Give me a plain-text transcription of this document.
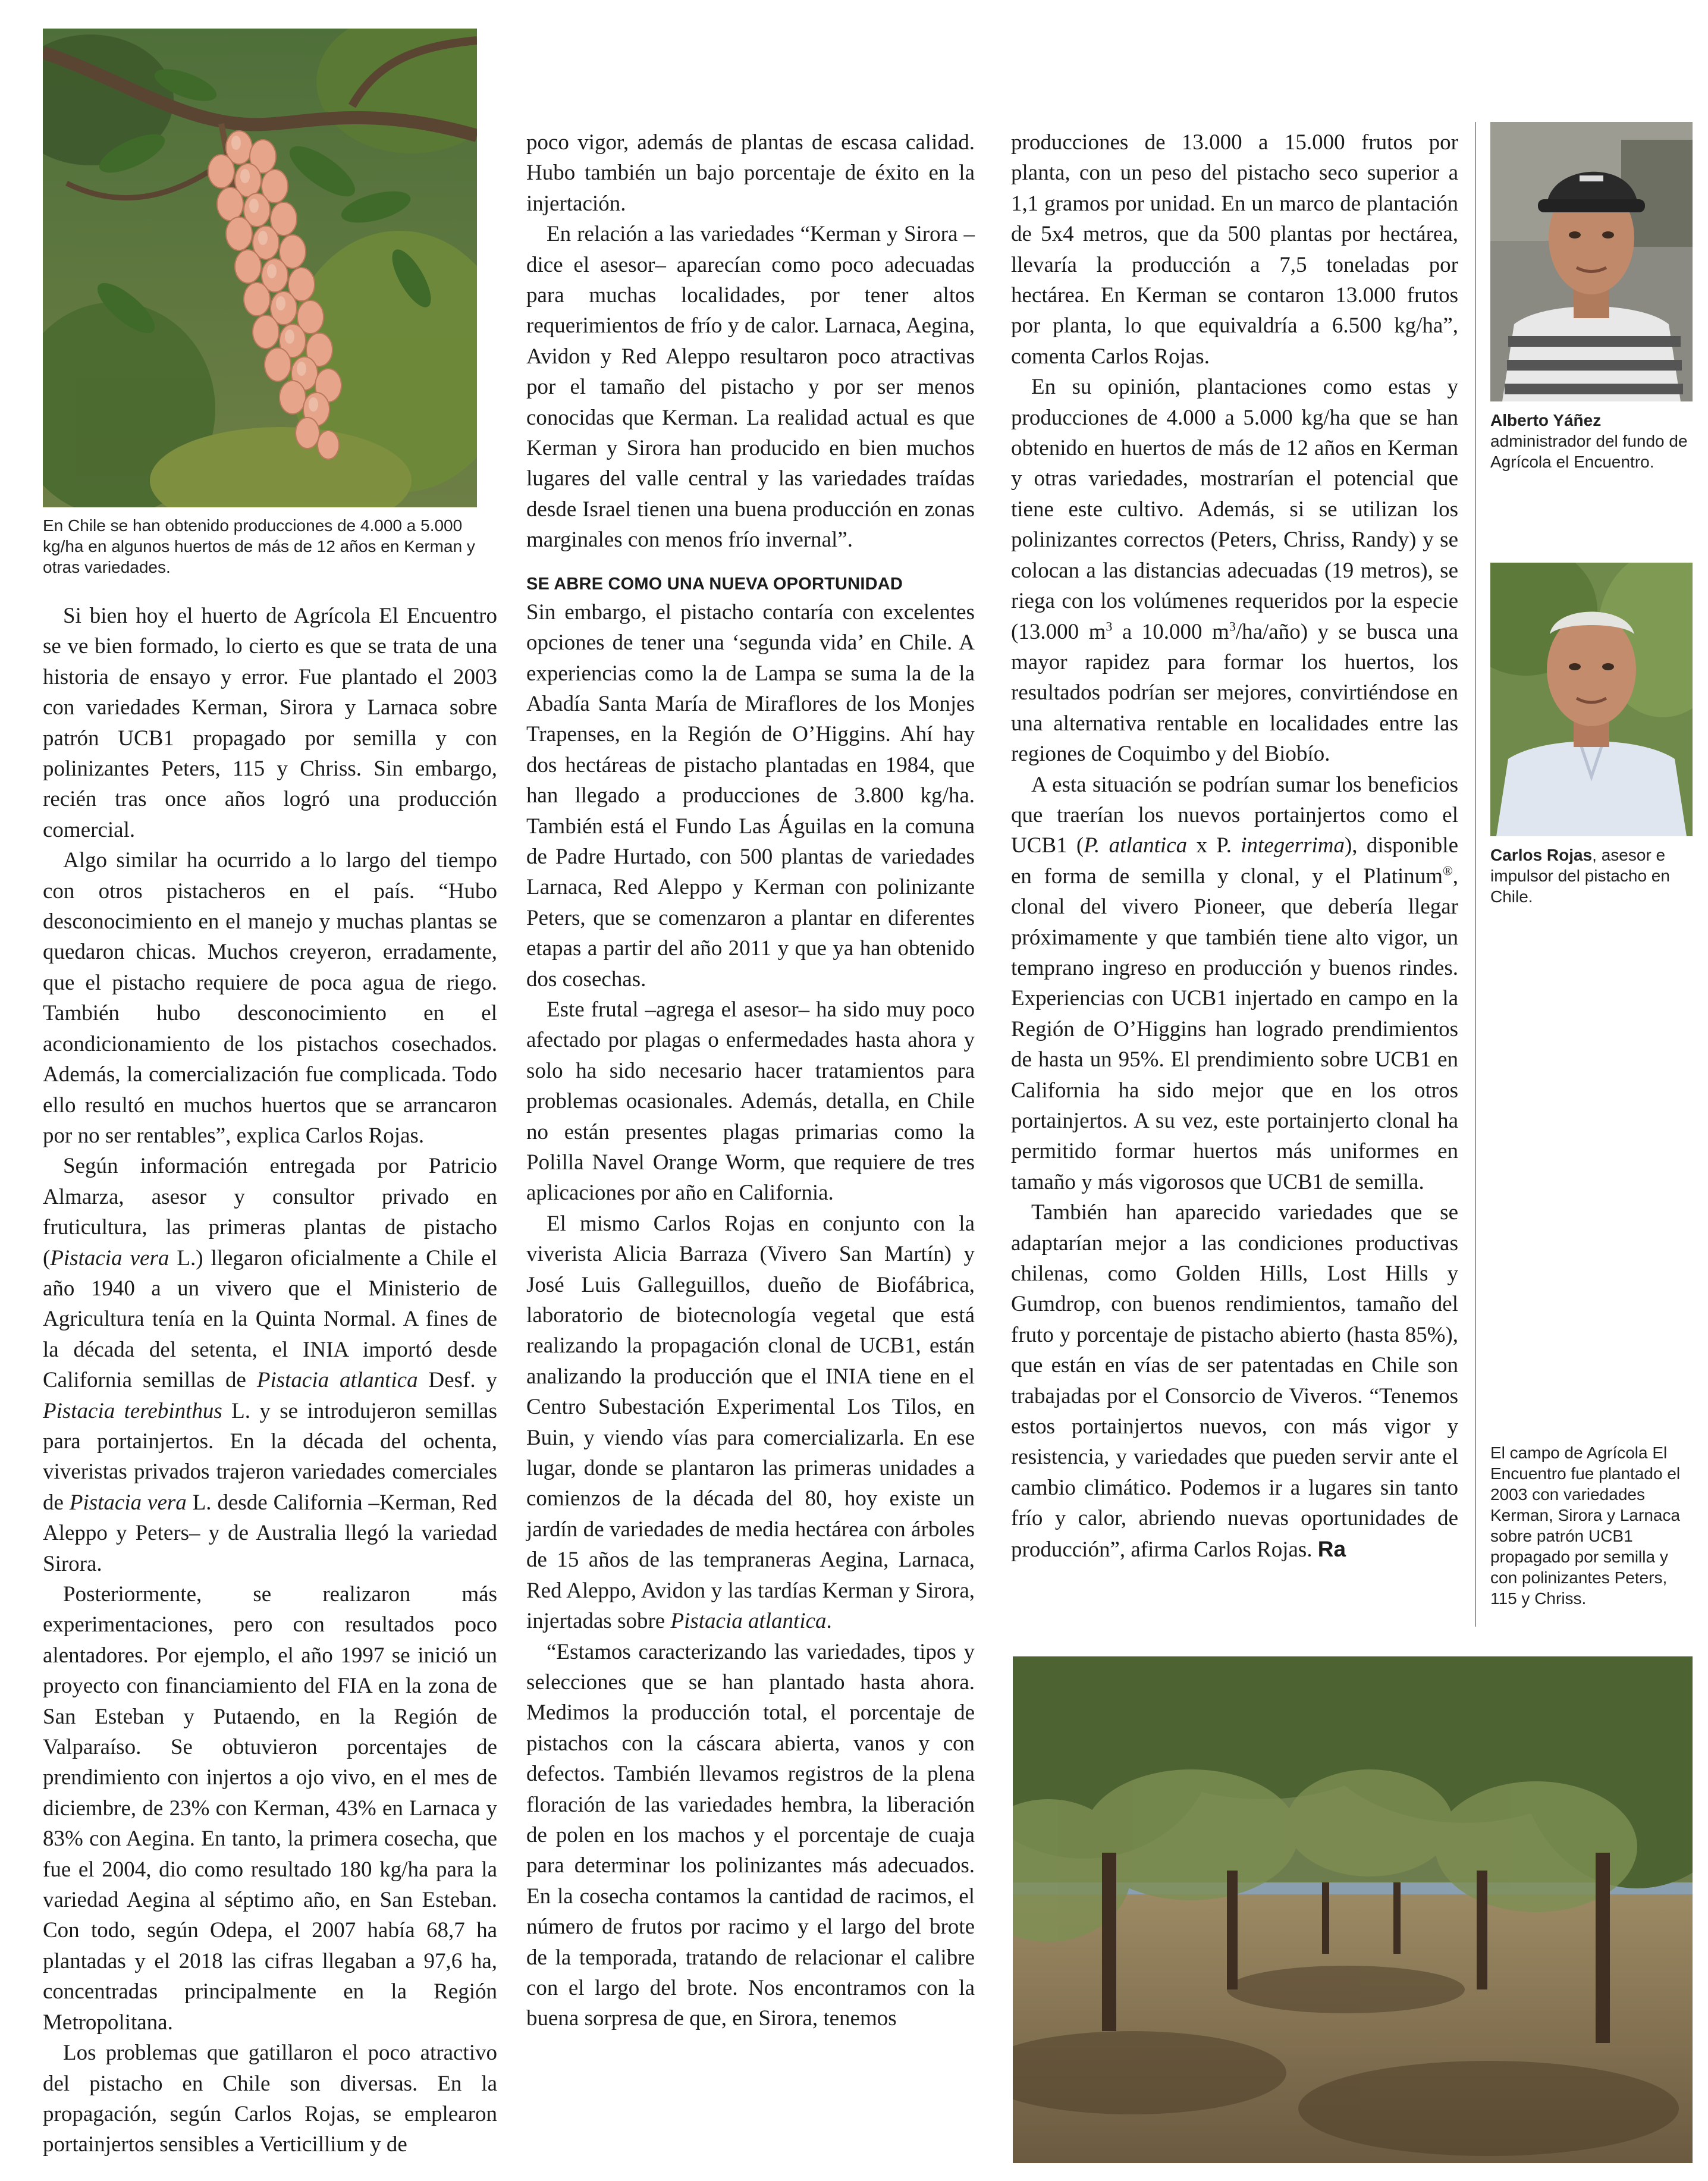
En Chile se han obtenido producciones de 4.000 a 5.000 kg/ha en algunos huertos de más de 12 años en Kerman y otras variedades.

Si bien hoy el huerto de Agrícola El Encuentro se ve bien formado, lo cierto es que se trata de una historia de ensayo y error. Fue plantado el 2003 con variedades Kerman, Sirora y Larnaca sobre patrón UCB1 propagado por semilla y con polinizantes Peters, 115 y Chriss. Sin embargo, recién tras once años logró una producción comercial.

Algo similar ha ocurrido a lo largo del tiempo con otros pistacheros en el país. “Hubo desconocimiento en el manejo y muchas plantas se quedaron chicas. Muchos creyeron, erradamente, que el pistacho requiere de poca agua de riego. También hubo desconocimiento en el acondicionamiento de los pistachos cosechados. Además, la comercialización fue complicada. Todo ello resultó en muchos huertos que se arrancaron por no ser rentables”, explica Carlos Rojas.

Según información entregada por Patricio Almarza, asesor y consultor privado en fruticultura, las primeras plantas de pistacho (Pistacia vera L.) llegaron oficialmente a Chile el año 1940 a un vivero que el Ministerio de Agricultura tenía en la Quinta Normal. A fines de la década del setenta, el INIA importó desde California semillas de Pistacia atlantica Desf. y Pistacia terebinthus L. y se introdujeron semillas para portainjertos. En la década del ochenta, viveristas privados trajeron variedades comerciales de Pistacia vera L. desde California –Kerman, Red Aleppo y Peters– y de Australia llegó la variedad Sirora.

Posteriormente, se realizaron más experimentaciones, pero con resultados poco alentadores. Por ejemplo, el año 1997 se inició un proyecto con financiamiento del FIA en la zona de San Esteban y Putaendo, en la Región de Valparaíso. Se obtuvieron porcentajes de prendimiento con injertos a ojo vivo, en el mes de diciembre, de 23% con Kerman, 43% en Larnaca y 83% con Aegina. En tanto, la primera cosecha, que fue el 2004, dio como resultado 180 kg/ha para la variedad Aegina al séptimo año, en San Esteban. Con todo, según Odepa, el 2007 había 68,7 ha plantadas y el 2018 las cifras llegaban a 97,6 ha, concentradas principalmente en la Región Metropolitana.

Los problemas que gatillaron el poco atractivo del pistacho en Chile son diversas. En la propagación, según Carlos Rojas, se emplearon portainjertos sensibles a Verticillium y de

poco vigor, además de plantas de escasa calidad. Hubo también un bajo porcentaje de éxito en la injertación.

En relación a las variedades “Kerman y Sirora –dice el asesor– aparecían como poco adecuadas para muchas localidades, por tener altos requerimientos de frío y de calor. Larnaca, Aegina, Avidon y Red Aleppo resultaron poco atractivas por el tamaño del pistacho y por ser menos conocidas que Kerman. La realidad actual es que Kerman y Sirora han producido en bien muchos lugares del valle central y las variedades traídas desde Israel tienen una buena producción en zonas marginales con menos frío invernal”.

SE ABRE COMO UNA NUEVA OPORTUNIDAD

Sin embargo, el pistacho contaría con excelentes opciones de tener una ‘segunda vida’ en Chile. A experiencias como la de Lampa se suma la de la Abadía Santa María de Miraflores de los Monjes Trapenses, en la Región de O’Higgins. Ahí hay dos hectáreas de pistacho plantadas en 1984, que han llegado a producciones de 3.800 kg/ha. También está el Fundo Las Águilas en la comuna de Padre Hurtado, con 500 plantas de variedades Larnaca, Red Aleppo y Kerman con polinizante Peters, que se comenzaron a plantar en diferentes etapas a partir del año 2011 y que ya han obtenido dos cosechas.

Este frutal –agrega el asesor– ha sido muy poco afectado por plagas o enfermedades hasta ahora y solo ha sido necesario hacer tratamientos para problemas ocasionales. Además, detalla, en Chile no están presentes plagas primarias como la Polilla Navel Orange Worm, que requiere de tres aplicaciones por año en California.

El mismo Carlos Rojas en conjunto con la viverista Alicia Barraza (Vivero San Martín) y José Luis Galleguillos, dueño de Biofábrica, laboratorio de biotecnología vegetal que está realizando la propagación clonal de UCB1, están analizando la producción que el INIA tiene en el Centro Subestación Experimental Los Tilos, en Buin, y viendo vías para comercializarla. En ese lugar, donde se plantaron las primeras unidades a comienzos de la década del 80, hoy existe un jardín de variedades de media hectárea con árboles de 15 años de las tempraneras Aegina, Larnaca, Red Aleppo, Avidon y las tardías Kerman y Sirora, injertadas sobre Pistacia atlantica.

“Estamos caracterizando las variedades, tipos y selecciones que se han plantado hasta ahora. Medimos la producción total, el porcentaje de pistachos con la cáscara abierta, vanos y con defectos. También llevamos registros de la plena floración de las variedades hembra, la liberación de polen en los machos y el porcentaje de cuaja para determinar los polinizantes más adecuados. En la cosecha contamos la cantidad de racimos, el número de frutos por racimo y el largo del brote de la temporada, tratando de relacionar el calibre con el largo del brote. Nos encontramos con la buena sorpresa de que, en Sirora, tenemos

producciones de 13.000 a 15.000 frutos por planta, con un peso del pistacho seco superior a 1,1 gramos por unidad. En un marco de plantación de 5x4 metros, que da 500 plantas por hectárea, llevaría la producción a 7,5 toneladas por hectárea. En Kerman se contaron 13.000 frutos por planta, lo que equivaldría a 6.500 kg/ha”, comenta Carlos Rojas.

En su opinión, plantaciones como estas y producciones de 4.000 a 5.000 kg/ha que se han obtenido en huertos de más de 12 años en Kerman y otras variedades, mostrarían el potencial que tiene este cultivo. Además, si se utilizan los polinizantes correctos (Peters, Chriss, Randy) y se colocan a las distancias adecuadas (19 metros), se riega con los volúmenes requeridos por la especie (13.000 $m^3$ a 10.000 $m^3/ha/año$) y se busca una mayor rapidez para formar los huertos, los resultados podrían ser mejores, convirtiéndose en una alternativa rentable en localidades entre las regiones de Coquimbo y del Biobío.

A esta situación se podrían sumar los beneficios que traerían los nuevos portainjertos como el UCB1 (P. atlantica x P. integerrima), disponible en forma de semilla y clonal, y el Platinum®, clonal del vivero Pioneer, que debería llegar próximamente y que también tiene alto vigor, un temprano ingreso en producción y buenos rindes. Experiencias con UCB1 injertado en campo en la Región de O’Higgins han logrado prendimientos de hasta un 95%. El prendimiento sobre UCB1 en California ha sido mejor que en los otros portainjertos. A su vez, este portainjerto clonal ha permitido formar huertos más uniformes en tamaño y más vigorosos que UCB1 de semilla.

También han aparecido variedades que se adaptarían mejor a las condiciones productivas chilenas, como Golden Hills, Lost Hills y Gumdrop, con buenos rendimientos, tamaño del fruto y porcentaje de pistacho abierto (hasta 85%), que están en vías de ser patentadas en Chile son trabajadas por el Consorcio de Viveros. “Tenemos estos portainjertos nuevos, con más vigor y resistencia, y variedades que pueden servir ante el cambio climático. Podemos ir a lugares sin tanto frío y calor, abriendo nuevas oportunidades de producción”, afirma Carlos Rojas. Ra

Alberto Yáñez
administrador del fundo de Agrícola el Encuentro.
Carlos Rojas, asesor e impulsor del pistacho en Chile.
El campo de Agrícola El Encuentro fue plantado el 2003 con variedades Kerman, Sirora y Larnaca sobre patrón UCB1 propagado por semilla y con polinizantes Peters, 115 y Chriss.
